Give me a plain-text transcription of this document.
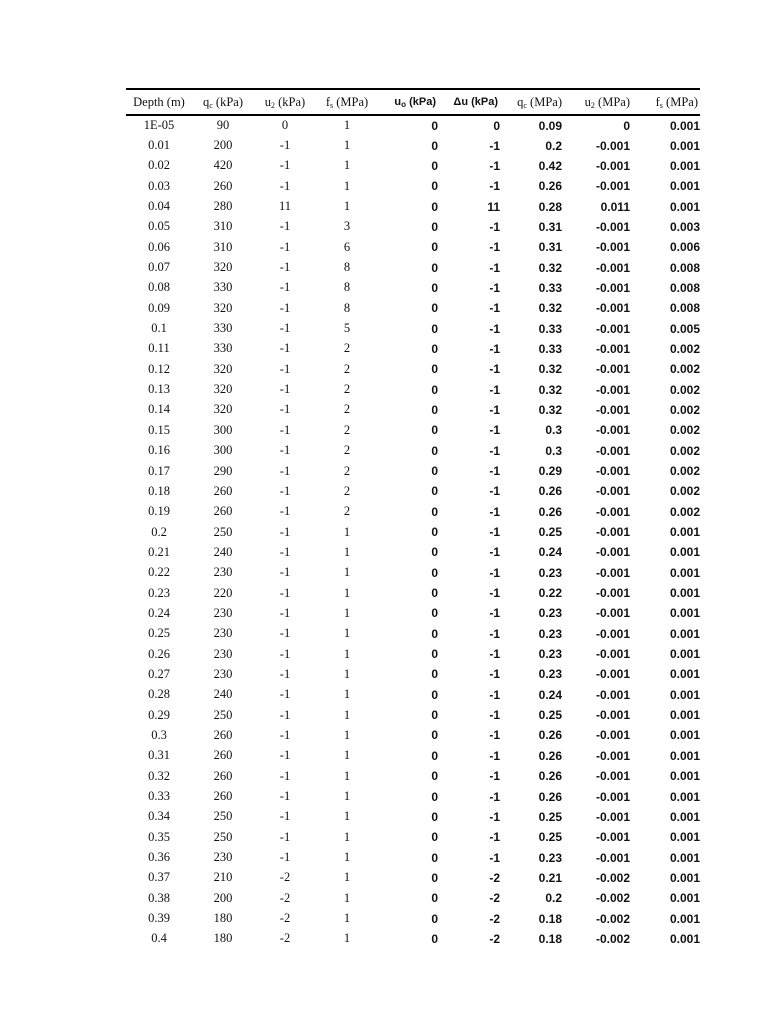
Depth (m)	$q_c$ (kPa)	$u_2$ (kPa)	$f_s$ (MPa)	$u_o$ (kPa)	Δu (kPa)	$q_c$ (MPa)	$u_2$ (MPa)	$f_s$ (MPa)
1E-05	90	0	1	0	0	0.09	0	0.001
0.01	200	-1	1	0	-1	0.2	-0.001	0.001
0.02	420	-1	1	0	-1	0.42	-0.001	0.001
0.03	260	-1	1	0	-1	0.26	-0.001	0.001
0.04	280	11	1	0	11	0.28	0.011	0.001
0.05	310	-1	3	0	-1	0.31	-0.001	0.003
0.06	310	-1	6	0	-1	0.31	-0.001	0.006
0.07	320	-1	8	0	-1	0.32	-0.001	0.008
0.08	330	-1	8	0	-1	0.33	-0.001	0.008
0.09	320	-1	8	0	-1	0.32	-0.001	0.008
0.1	330	-1	5	0	-1	0.33	-0.001	0.005
0.11	330	-1	2	0	-1	0.33	-0.001	0.002
0.12	320	-1	2	0	-1	0.32	-0.001	0.002
0.13	320	-1	2	0	-1	0.32	-0.001	0.002
0.14	320	-1	2	0	-1	0.32	-0.001	0.002
0.15	300	-1	2	0	-1	0.3	-0.001	0.002
0.16	300	-1	2	0	-1	0.3	-0.001	0.002
0.17	290	-1	2	0	-1	0.29	-0.001	0.002
0.18	260	-1	2	0	-1	0.26	-0.001	0.002
0.19	260	-1	2	0	-1	0.26	-0.001	0.002
0.2	250	-1	1	0	-1	0.25	-0.001	0.001
0.21	240	-1	1	0	-1	0.24	-0.001	0.001
0.22	230	-1	1	0	-1	0.23	-0.001	0.001
0.23	220	-1	1	0	-1	0.22	-0.001	0.001
0.24	230	-1	1	0	-1	0.23	-0.001	0.001
0.25	230	-1	1	0	-1	0.23	-0.001	0.001
0.26	230	-1	1	0	-1	0.23	-0.001	0.001
0.27	230	-1	1	0	-1	0.23	-0.001	0.001
0.28	240	-1	1	0	-1	0.24	-0.001	0.001
0.29	250	-1	1	0	-1	0.25	-0.001	0.001
0.3	260	-1	1	0	-1	0.26	-0.001	0.001
0.31	260	-1	1	0	-1	0.26	-0.001	0.001
0.32	260	-1	1	0	-1	0.26	-0.001	0.001
0.33	260	-1	1	0	-1	0.26	-0.001	0.001
0.34	250	-1	1	0	-1	0.25	-0.001	0.001
0.35	250	-1	1	0	-1	0.25	-0.001	0.001
0.36	230	-1	1	0	-1	0.23	-0.001	0.001
0.37	210	-2	1	0	-2	0.21	-0.002	0.001
0.38	200	-2	1	0	-2	0.2	-0.002	0.001
0.39	180	-2	1	0	-2	0.18	-0.002	0.001
0.4	180	-2	1	0	-2	0.18	-0.002	0.001
